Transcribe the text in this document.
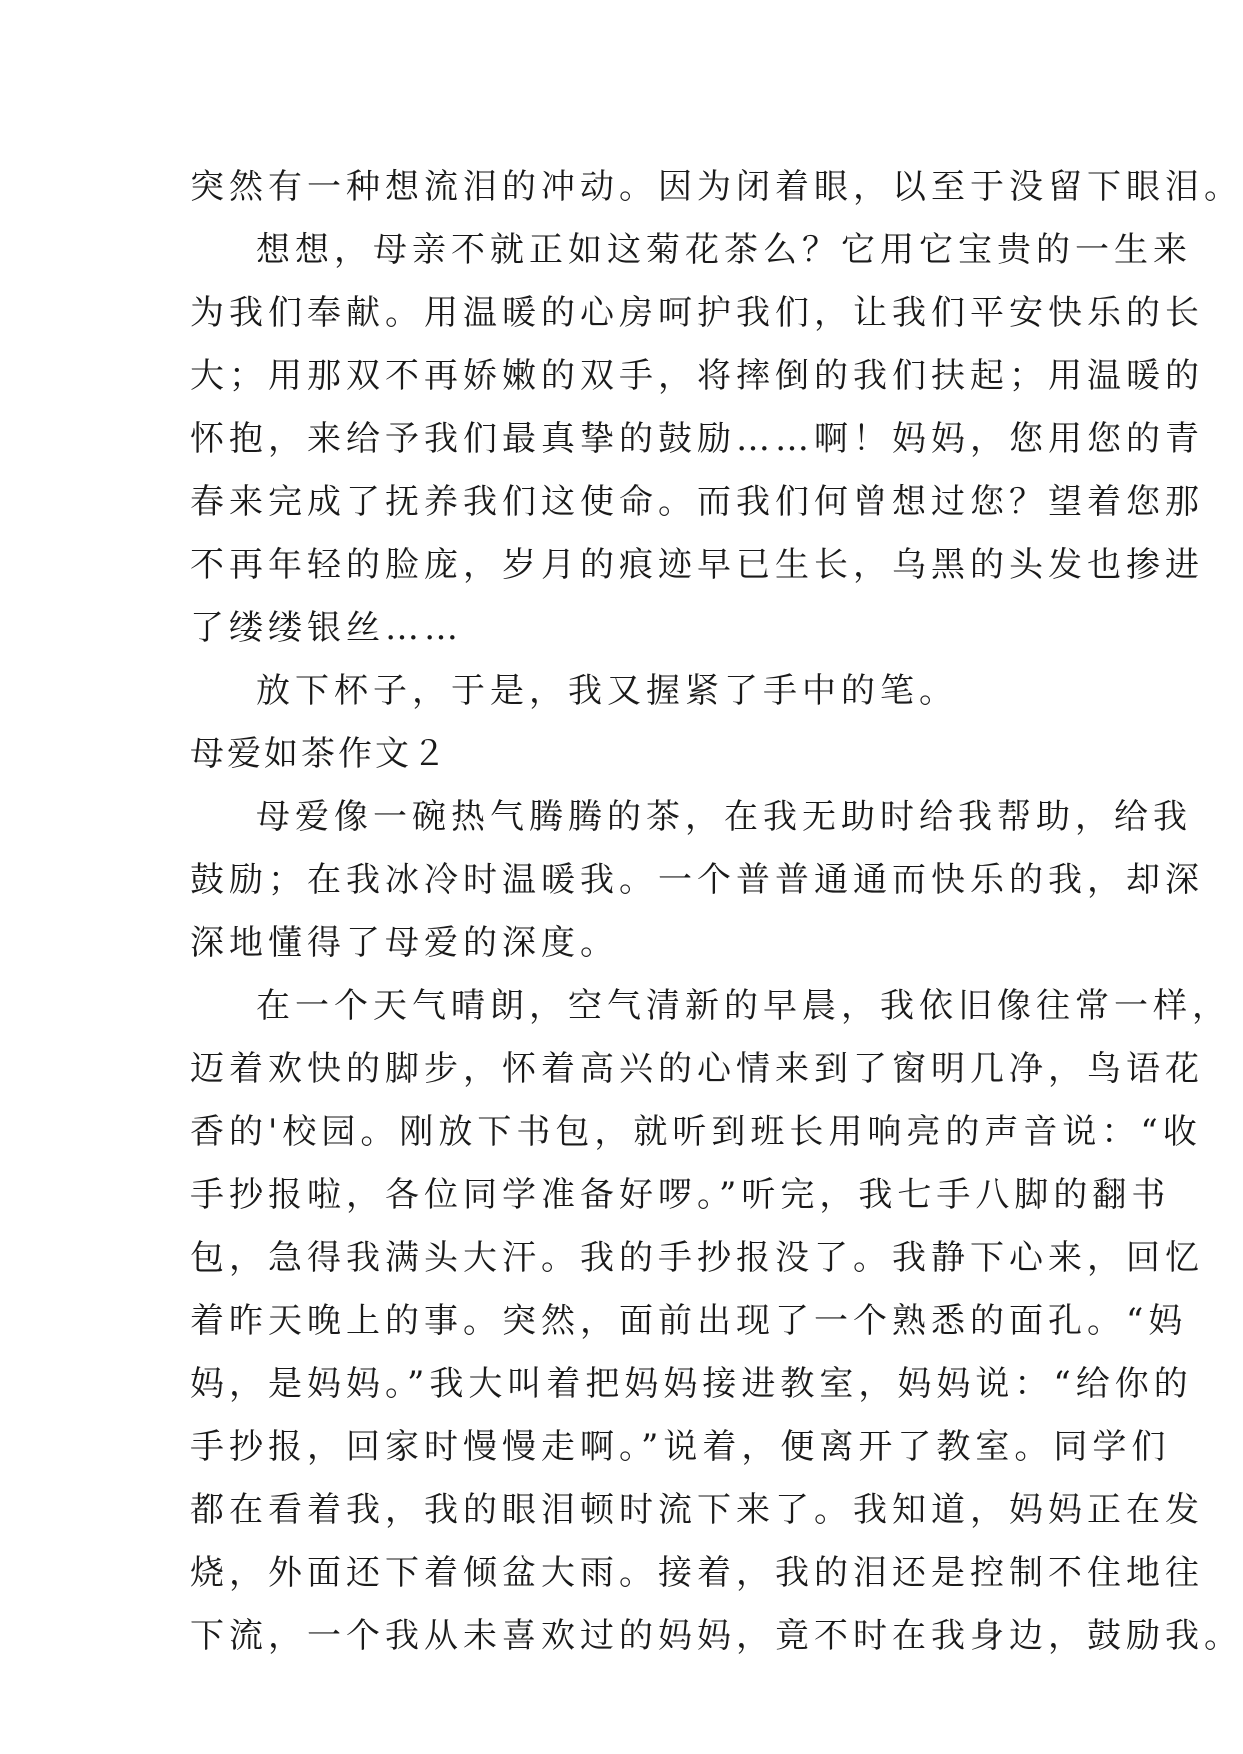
突然有一种想流泪的冲动。因为闭着眼，以至于没留下眼泪。
想想，母亲不就正如这菊花茶么？它用它宝贵的一生来
为我们奉献。用温暖的心房呵护我们，让我们平安快乐的长
大；用那双不再娇嫩的双手，将摔倒的我们扶起；用温暖的
怀抱，来给予我们最真挚的鼓励……啊！妈妈，您用您的青
春来完成了抚养我们这使命。而我们何曾想过您？望着您那
不再年轻的脸庞，岁月的痕迹早已生长，乌黑的头发也掺进
了缕缕银丝……
放下杯子，于是，我又握紧了手中的笔。
母爱如茶作文２
母爱像一碗热气腾腾的茶，在我无助时给我帮助，给我
鼓励；在我冰冷时温暖我。一个普普通通而快乐的我，却深
深地懂得了母爱的深度。
在一个天气晴朗，空气清新的早晨，我依旧像往常一样，
迈着欢快的脚步，怀着高兴的心情来到了窗明几净，鸟语花
香的'校园。刚放下书包，就听到班长用响亮的声音说：“收
手抄报啦，各位同学准备好啰。”听完，我七手八脚的翻书
包，急得我满头大汗。我的手抄报没了。我静下心来，回忆
着昨天晚上的事。突然，面前出现了一个熟悉的面孔。“妈
妈，是妈妈。”我大叫着把妈妈接进教室，妈妈说：“给你的
手抄报，回家时慢慢走啊。”说着，便离开了教室。同学们
都在看着我，我的眼泪顿时流下来了。我知道，妈妈正在发
烧，外面还下着倾盆大雨。接着，我的泪还是控制不住地往
下流，一个我从未喜欢过的妈妈，竟不时在我身边，鼓励我。
